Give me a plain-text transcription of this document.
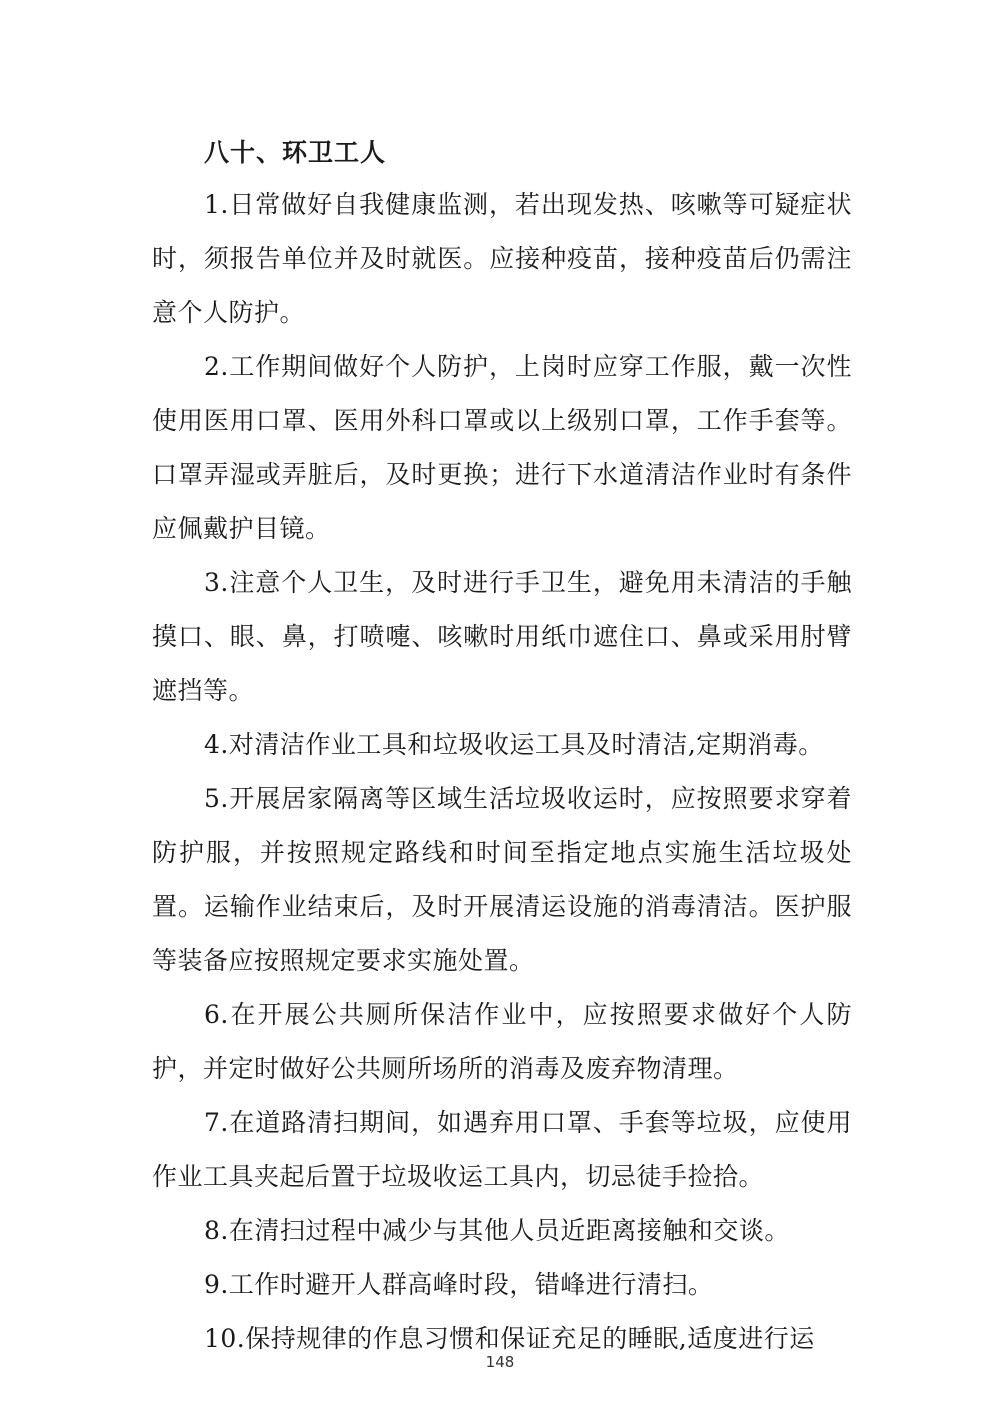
八十、环卫工人

1.日常做好自我健康监测，若出现发热、咳嗽等可疑症状时，须报告单位并及时就医。应接种疫苗，接种疫苗后仍需注意个人防护。

2.工作期间做好个人防护，上岗时应穿工作服，戴一次性使用医用口罩、医用外科口罩或以上级别口罩，工作手套等。口罩弄湿或弄脏后，及时更换；进行下水道清洁作业时有条件应佩戴护目镜。

3.注意个人卫生，及时进行手卫生，避免用未清洁的手触摸口、眼、鼻，打喷嚏、咳嗽时用纸巾遮住口、鼻或采用肘臂遮挡等。

4.对清洁作业工具和垃圾收运工具及时清洁,定期消毒。

5.开展居家隔离等区域生活垃圾收运时，应按照要求穿着防护服，并按照规定路线和时间至指定地点实施生活垃圾处置。运输作业结束后，及时开展清运设施的消毒清洁。医护服等装备应按照规定要求实施处置。

6.在开展公共厕所保洁作业中，应按照要求做好个人防护，并定时做好公共厕所场所的消毒及废弃物清理。

7.在道路清扫期间，如遇弃用口罩、手套等垃圾，应使用作业工具夹起后置于垃圾收运工具内，切忌徒手捡拾。

8.在清扫过程中减少与其他人员近距离接触和交谈。

9.工作时避开人群高峰时段，错峰进行清扫。

10.保持规律的作息习惯和保证充足的睡眠,适度进行运

148
